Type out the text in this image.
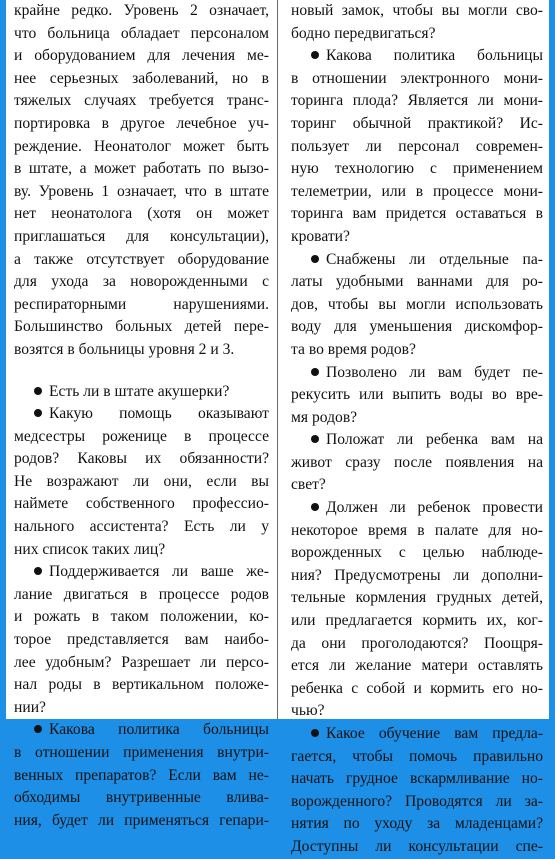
крайне редко. Уровень 2 означает,
что больница обладает персоналом
и оборудованием для лечения ме-
нее серьезных заболеваний, но в
тяжелых случаях требуется транс-
портировка в другое лечебное уч-
реждение. Неонатолог может быть
в штате, а может работать по вызо-
ву. Уровень 1 означает, что в штате
нет неонатолога (хотя он может
приглашаться для консультации),
а также отсутствует оборудование
для ухода за новорожденными с
респираторными нарушениями.
Большинство больных детей пере-
возятся в больницы уровня 2 и 3.
Есть ли в штате акушерки?
Какую помощь оказывают
медсестры роженице в процессе
родов? Каковы их обязанности?
Не возражают ли они, если вы
наймете собственного профессио-
нального ассистента? Есть ли у
них список таких лиц?
Поддерживается ли ваше же-
лание двигаться в процессе родов
и рожать в таком положении, ко-
торое представляется вам наибо-
лее удобным? Разрешает ли персо-
нал роды в вертикальном положе-
нии?
Какова политика больницы
в отношении применения внутри-
венных препаратов? Если вам не-
обходимы внутривенные влива-
ния, будет ли применяться гепари-
новый замок, чтобы вы могли сво-
бодно передвигаться?
Какова политика больницы
в отношении электронного мони-
торинга плода? Является ли мони-
торинг обычной практикой? Ис-
пользует ли персонал современ-
ную технологию с применением
телеметрии, или в процессе мони-
торинга вам придется оставаться в
кровати?
Снабжены ли отдельные па-
латы удобными ваннами для ро-
дов, чтобы вы могли использовать
воду для уменьшения дискомфор-
та во время родов?
Позволено ли вам будет пе-
рекусить или выпить воды во вре-
мя родов?
Положат ли ребенка вам на
живот сразу после появления на
свет?
Должен ли ребенок провести
некоторое время в палате для но-
ворожденных с целью наблюде-
ния? Предусмотрены ли дополни-
тельные кормления грудных детей,
или предлагается кормить их, ког-
да они проголодаются? Поощря-
ется ли желание матери оставлять
ребенка с собой и кормить его но-
чью?
Какое обучение вам предла-
гается, чтобы помочь правильно
начать грудное вскармливание но-
ворожденного? Проводятся ли за-
нятия по уходу за младенцами?
Доступны ли консультации спе-
